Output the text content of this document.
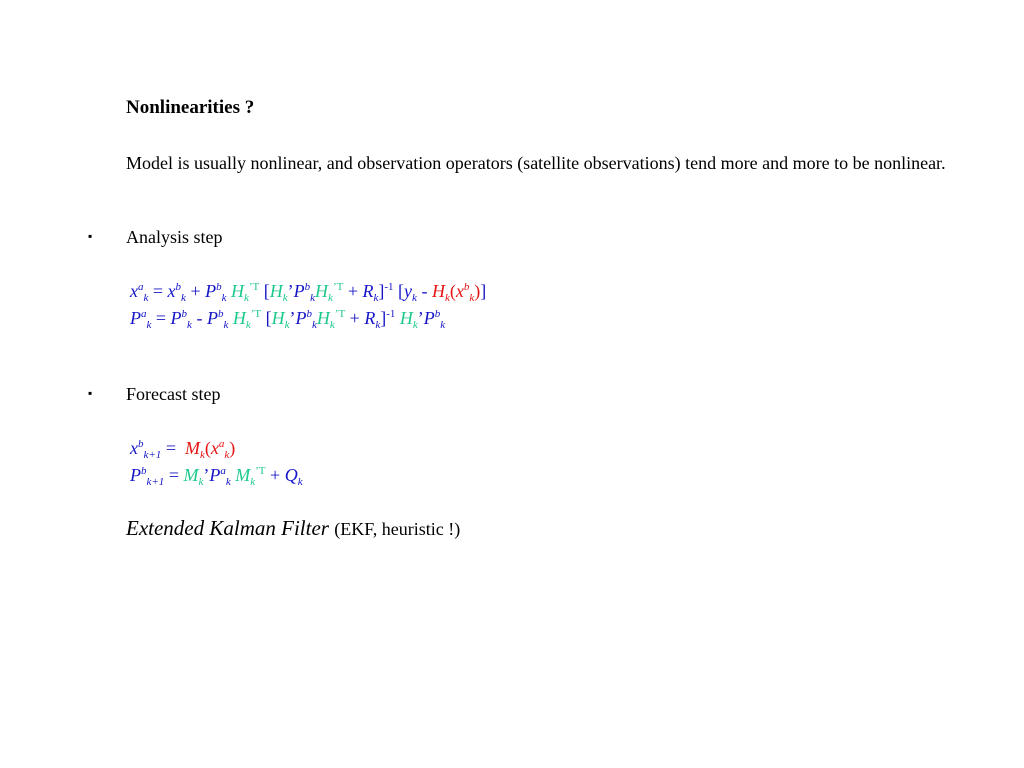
Nonlinearities ?
Model is usually nonlinear, and observation operators (satellite observations) tend more and more to be nonlinear.
▪ Analysis step
$x^a_k = x^b_k + P^b_k$ $H_k^{’T}$ $[H_k’P^b_kH_k^{’T} + R_k]^{-1}$ $[y_k - H_k(x^b_k)]$
$P^a_k = P^b_k - P^b_k$ $H_k^{’T}$ $[H_k’P^b_kH_k^{’T} + R_k]^{-1}$ $H_k’P^b_k$
▪ Forecast step
$x^b_{k+1} = M_k(x^a_k)$
$P^b_{k+1}$ = $M_k’P^a_k$ $M_k^{’T} + Q_k$
Extended Kalman Filter (EKF, heuristic !)
